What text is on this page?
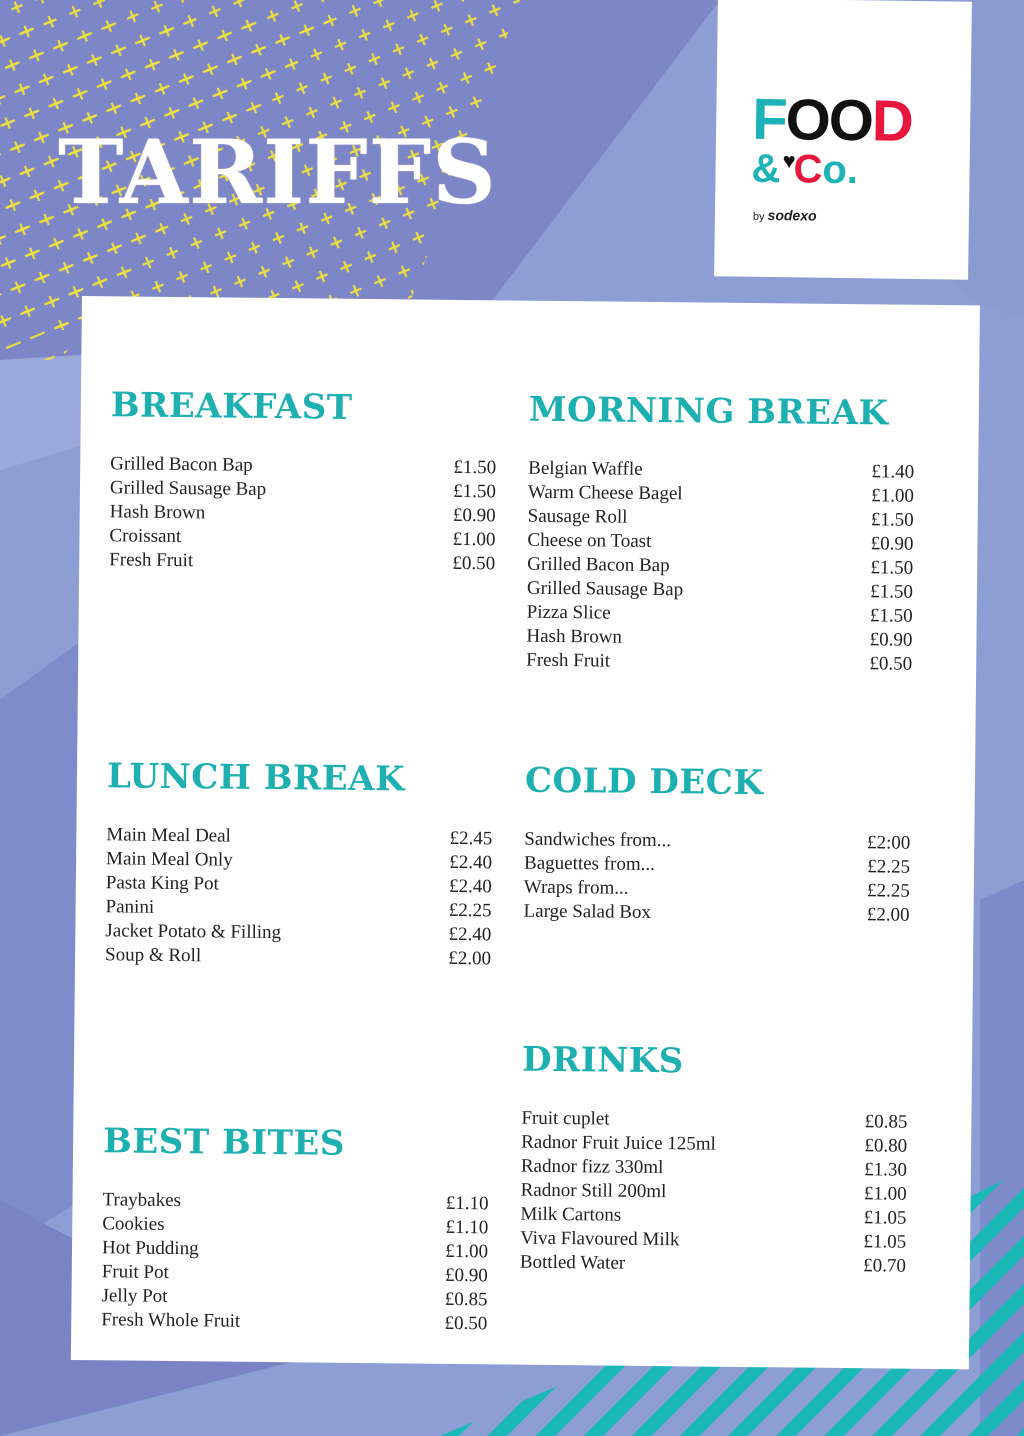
TARIFFS
FOOD
&♥Co.
by sodexo
BREAKFAST
Grilled Bacon Bap	£1.50
Grilled Sausage Bap	£1.50
Hash Brown	£0.90
Croissant	£1.00
Fresh Fruit	£0.50
MORNING BREAK
Belgian Waffle	£1.40
Warm Cheese Bagel	£1.00
Sausage Roll	£1.50
Cheese on Toast	£0.90
Grilled Bacon Bap	£1.50
Grilled Sausage Bap	£1.50
Pizza Slice	£1.50
Hash Brown	£0.90
Fresh Fruit	£0.50
LUNCH BREAK
Main Meal Deal	£2.45
Main Meal Only	£2.40
Pasta King Pot	£2.40
Panini	£2.25
Jacket Potato & Filling	£2.40
Soup & Roll	£2.00
COLD DECK
Sandwiches from...	£2:00
Baguettes from...	£2.25
Wraps from...	£2.25
Large Salad Box	£2.00
DRINKS
Fruit cuplet	£0.85
Radnor Fruit Juice 125ml	£0.80
Radnor fizz 330ml	£1.30
Radnor Still 200ml	£1.00
Milk Cartons	£1.05
Viva Flavoured Milk	£1.05
Bottled Water	£0.70
BEST BITES
Traybakes	£1.10
Cookies	£1.10
Hot Pudding	£1.00
Fruit Pot	£0.90
Jelly Pot	£0.85
Fresh Whole Fruit	£0.50
